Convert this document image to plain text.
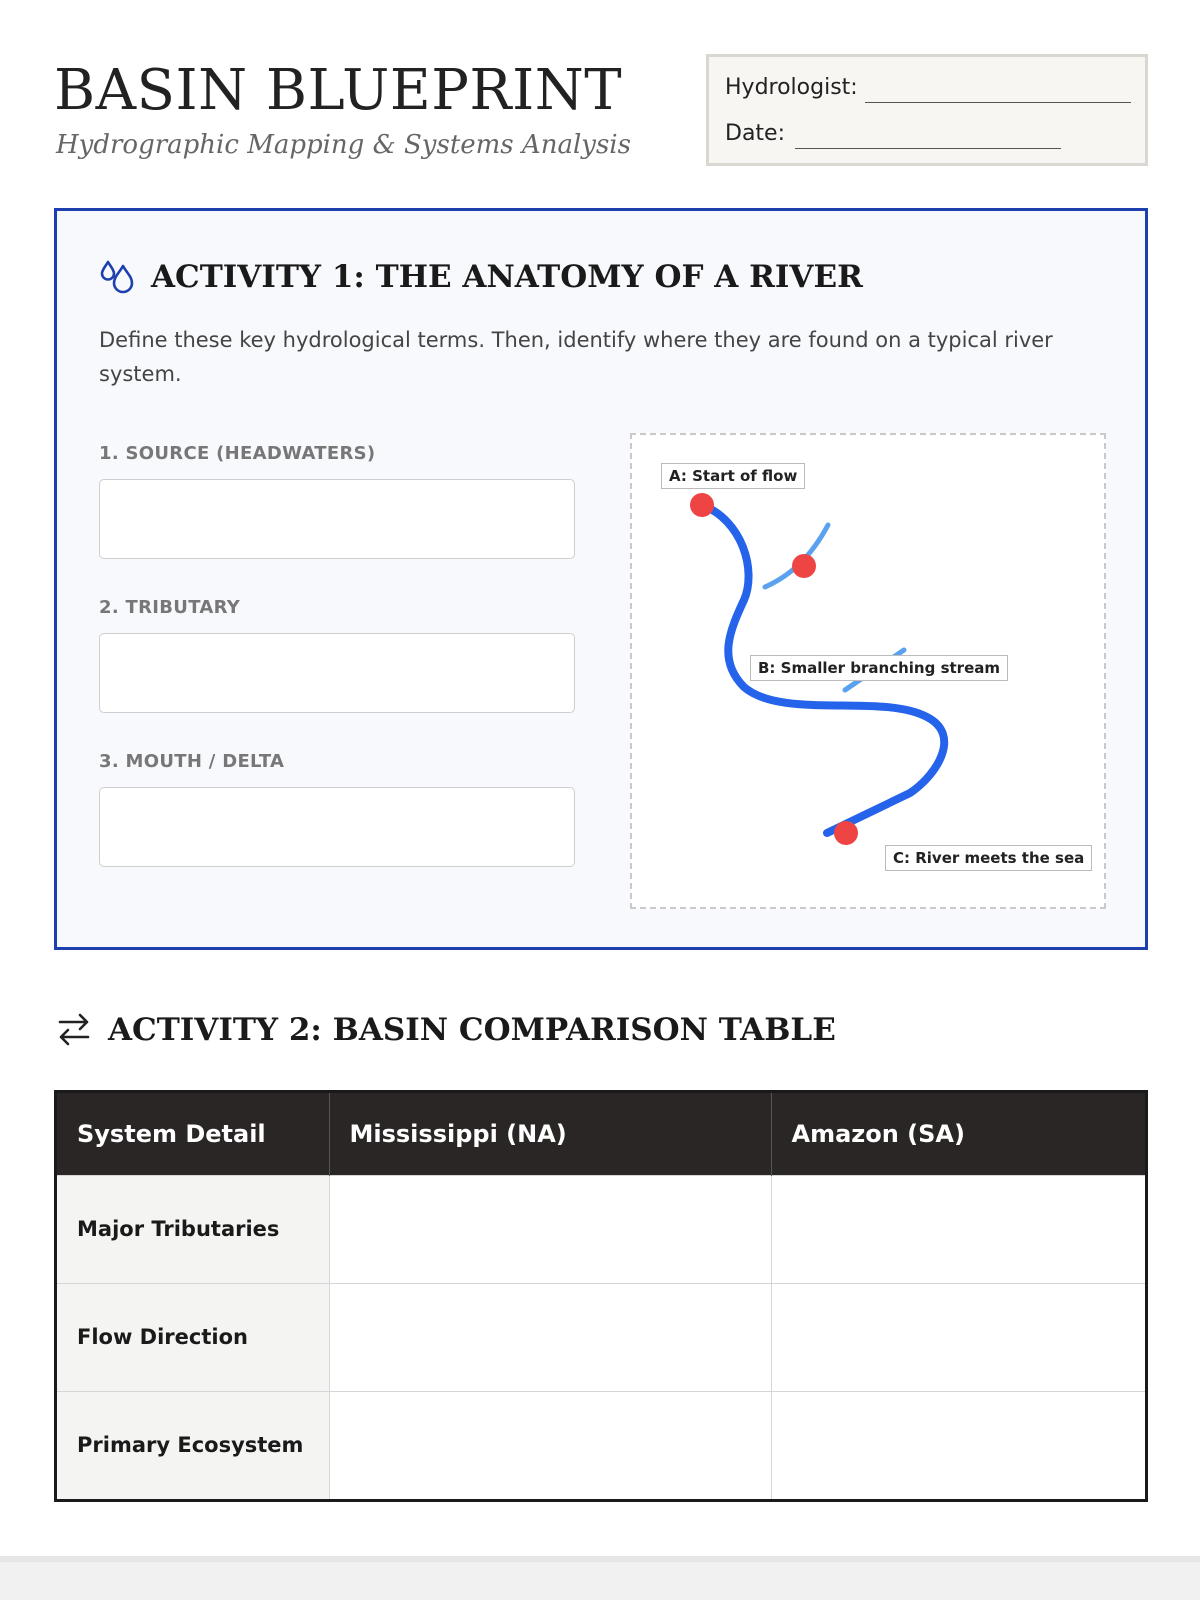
BASIN BLUEPRINT
Hydrographic Mapping & Systems Analysis
Hydrologist:
Date:
ACTIVITY 1: THE ANATOMY OF A RIVER

Define these key hydrological terms. Then, identify where they are found on a typical river system.

1. SOURCE (HEADWATERS)
2. TRIBUTARY
3. MOUTH / DELTA
A: Start of flow
B: Smaller branching stream
C: River meets the sea
ACTIVITY 2: BASIN COMPARISON TABLE
System Detail	Mississippi (NA)	Amazon (SA)
Major Tributaries		
Flow Direction		
Primary Ecosystem		
